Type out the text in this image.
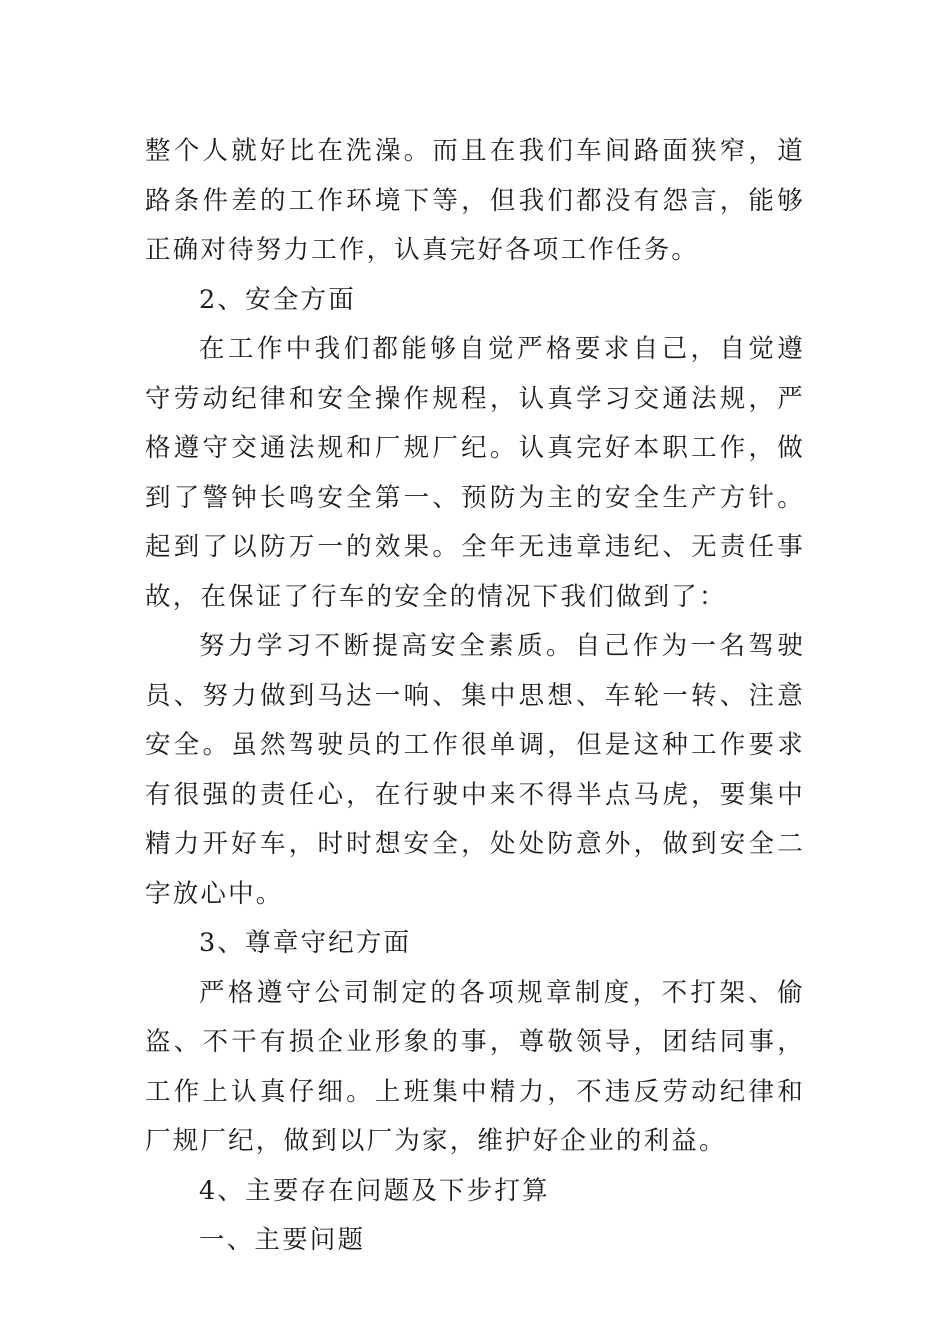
整个人就好比在洗澡。而且在我们车间路面狭窄，道路条件差的工作环境下等，但我们都没有怨言，能够正确对待努力工作，认真完好各项工作任务。

2、安全方面

在工作中我们都能够自觉严格要求自己，自觉遵守劳动纪律和安全操作规程，认真学习交通法规，严格遵守交通法规和厂规厂纪。认真完好本职工作，做到了警钟长鸣安全第一、预防为主的安全生产方针。起到了以防万一的效果。全年无违章违纪、无责任事故，在保证了行车的安全的情况下我们做到了：

努力学习不断提高安全素质。自己作为一名驾驶员、努力做到马达一响、集中思想、车轮一转、注意安全。虽然驾驶员的工作很单调，但是这种工作要求有很强的责任心，在行驶中来不得半点马虎，要集中精力开好车，时时想安全，处处防意外，做到安全二字放心中。

3、尊章守纪方面

严格遵守公司制定的各项规章制度，不打架、偷盗、不干有损企业形象的事，尊敬领导，团结同事，工作上认真仔细。上班集中精力，不违反劳动纪律和厂规厂纪，做到以厂为家，维护好企业的利益。

4、主要存在问题及下步打算

一、主要问题
